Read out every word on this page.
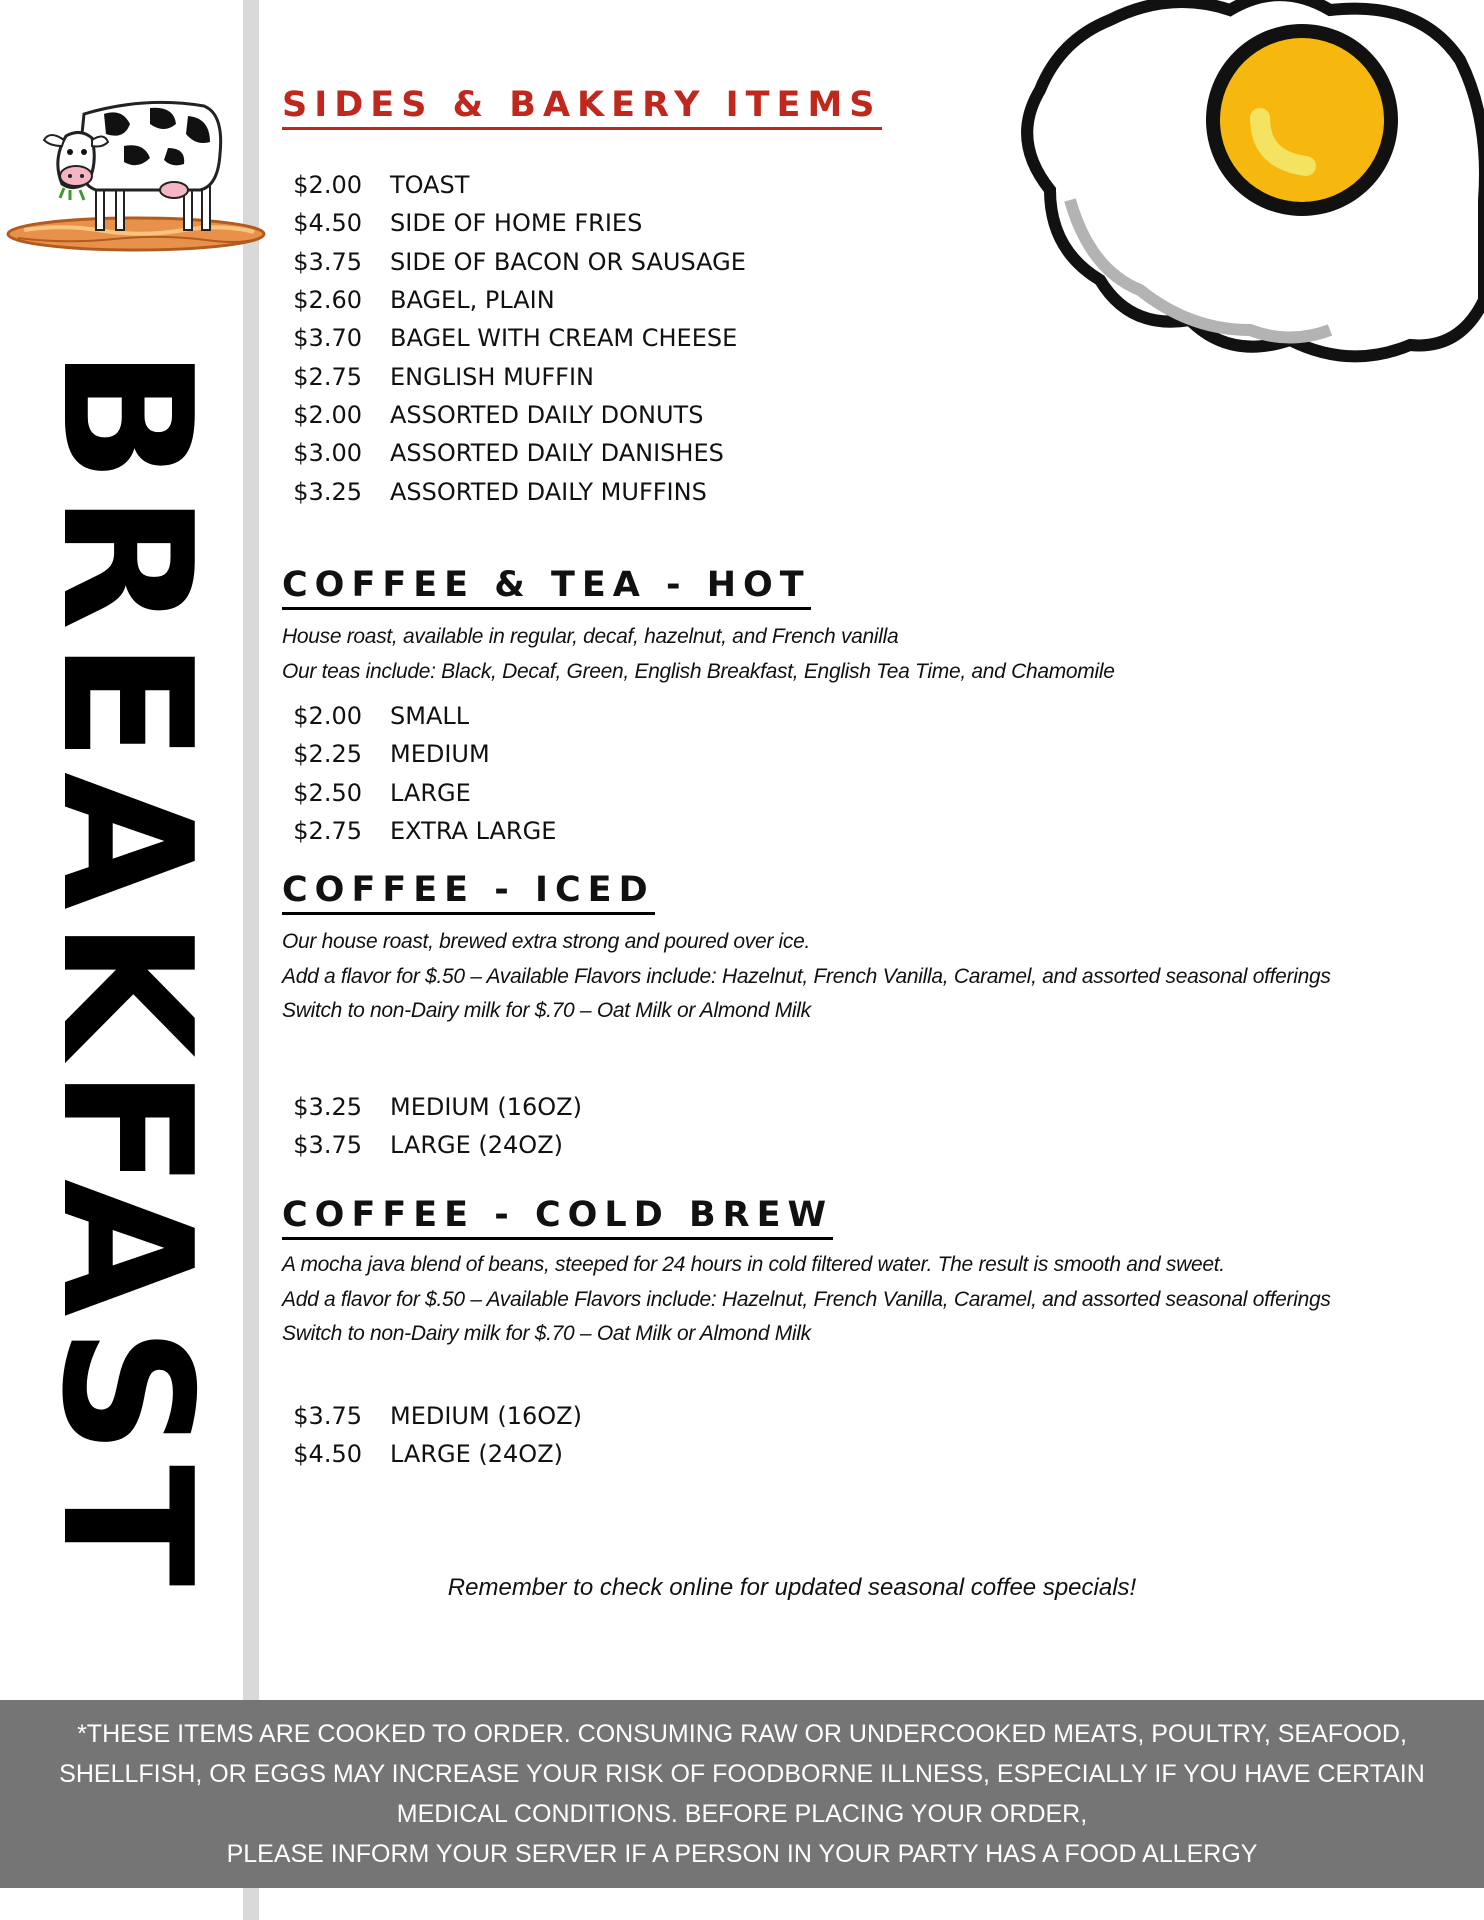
BREAKFAST
SIDES & BAKERY ITEMS
$2.00 TOAST
$4.50 SIDE OF HOME FRIES
$3.75 SIDE OF BACON OR SAUSAGE
$2.60 BAGEL, PLAIN
$3.70 BAGEL WITH CREAM CHEESE
$2.75 ENGLISH MUFFIN
$2.00 ASSORTED DAILY DONUTS
$3.00 ASSORTED DAILY DANISHES
$3.25 ASSORTED DAILY MUFFINS
COFFEE & TEA - HOT

House roast, available in regular, decaf, hazelnut, and French vanilla

Our teas include: Black, Decaf, Green, English Breakfast, English Tea Time, and Chamomile

$2.00 SMALL
$2.25 MEDIUM
$2.50 LARGE
$2.75 EXTRA LARGE
COFFEE - ICED

Our house roast, brewed extra strong and poured over ice.

Add a flavor for $.50 – Available Flavors include: Hazelnut, French Vanilla, Caramel, and assorted seasonal offerings

Switch to non-Dairy milk for $.70 – Oat Milk or Almond Milk

$3.25 MEDIUM (16OZ)
$3.75 LARGE (24OZ)
COFFEE - COLD BREW

A mocha java blend of beans, steeped for 24 hours in cold filtered water. The result is smooth and sweet.

Add a flavor for $.50 – Available Flavors include: Hazelnut, French Vanilla, Caramel, and assorted seasonal offerings

Switch to non-Dairy milk for $.70 – Oat Milk or Almond Milk

$3.75 MEDIUM (16OZ)
$4.50 LARGE (24OZ)
Remember to check online for updated seasonal coffee specials!

*THESE ITEMS ARE COOKED TO ORDER. CONSUMING RAW OR UNDERCOOKED MEATS, POULTRY, SEAFOOD,

SHELLFISH, OR EGGS MAY INCREASE YOUR RISK OF FOODBORNE ILLNESS, ESPECIALLY IF YOU HAVE CERTAIN

MEDICAL CONDITIONS. BEFORE PLACING YOUR ORDER,

PLEASE INFORM YOUR SERVER IF A PERSON IN YOUR PARTY HAS A FOOD ALLERGY
